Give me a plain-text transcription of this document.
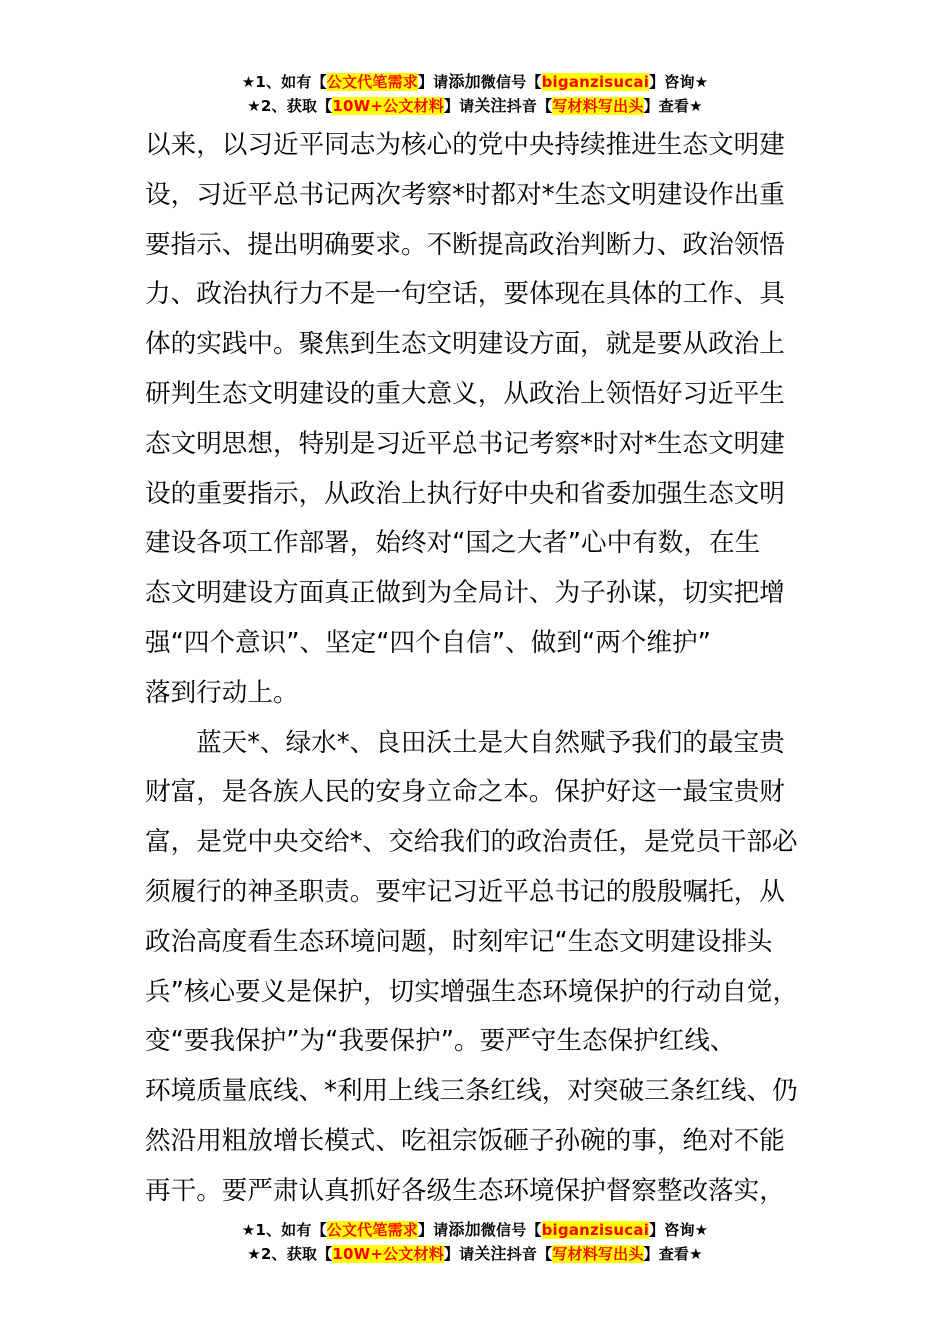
★1、如有【公文代笔需求】请添加微信号【biganzisucai】咨询★
★2、获取【10W+公文材料】请关注抖音【写材料写出头】查看★
以来，以习近平同志为核心的党中央持续推进生态文明建
设，习近平总书记两次考察*时都对*生态文明建设作出重
要指示、提出明确要求。不断提高政治判断力、政治领悟
力、政治执行力不是一句空话，要体现在具体的工作、具
体的实践中。聚焦到生态文明建设方面，就是要从政治上
研判生态文明建设的重大意义，从政治上领悟好习近平生
态文明思想，特别是习近平总书记考察*时对*生态文明建
设的重要指示，从政治上执行好中央和省委加强生态文明
建设各项工作部署，始终对“国之大者”心中有数，在生
态文明建设方面真正做到为全局计、为子孙谋，切实把增
强“四个意识”、坚定“四个自信”、做到“两个维护”
落到行动上。
蓝天*、绿水*、良田沃土是大自然赋予我们的最宝贵
财富，是各族人民的安身立命之本。保护好这一最宝贵财
富，是党中央交给*、交给我们的政治责任，是党员干部必
须履行的神圣职责。要牢记习近平总书记的殷殷嘱托，从
政治高度看生态环境问题，时刻牢记“生态文明建设排头
兵”核心要义是保护，切实增强生态环境保护的行动自觉，
变“要我保护”为“我要保护”。要严守生态保护红线、
环境质量底线、*利用上线三条红线，对突破三条红线、仍
然沿用粗放增长模式、吃祖宗饭砸子孙碗的事，绝对不能
再干。要严肃认真抓好各级生态环境保护督察整改落实，
★1、如有【公文代笔需求】请添加微信号【biganzisucai】咨询★
★2、获取【10W+公文材料】请关注抖音【写材料写出头】查看★
